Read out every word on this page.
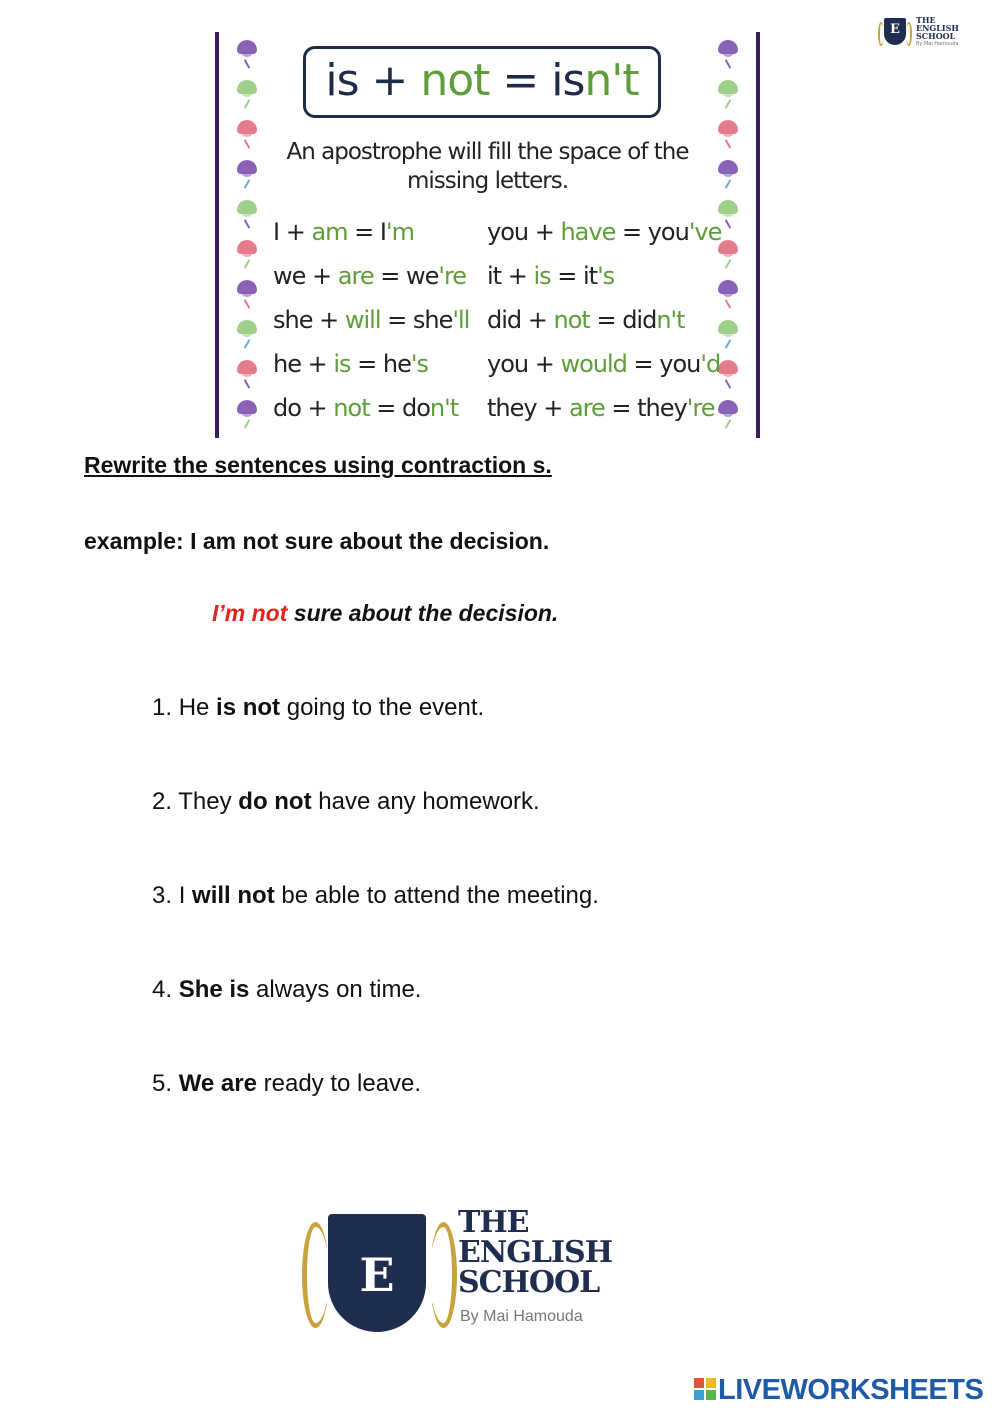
E
THE
ENGLISH
SCHOOL
By Mai Hamouda
is + not = isn't
An apostrophe will fill the space of the missing letters.
I + am = I'm
we + are = we're
she + will = she'll
he + is = he's
do + not = don't
you + have = you've
it + is = it's
did + not = didn't
you + would = you'd
they + are = they're
Rewrite the sentences using contraction s.
example: I am not sure about the decision.
I’m not sure about the decision.
1. He is not going to the event.
2. They do not have any homework.
3. I will not be able to attend the meeting.
4. She is always on time.
5. We are ready to leave.
E
THE
ENGLISH
SCHOOL
By Mai Hamouda
LIVEWORKSHEETS
